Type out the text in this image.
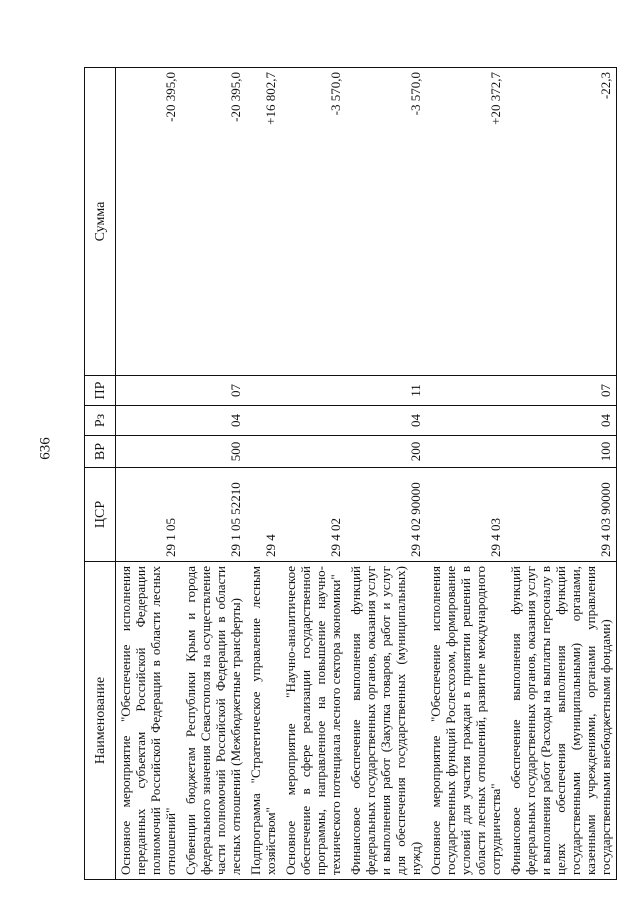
636
Наименование	ЦСР	ВР	Рз	ПР	Сумма
Основное мероприятие "Обеспечение исполнения переданных субъектам Российской Федерации полномочий Российской Федерации в области лесных отношений"	29 1 05				-20 395,0
Субвенции бюджетам Республики Крым и города федерального значения Севастополя на осуществление части полномочий Российской Федерации в области лесных отношений (Межбюджетные трансферты)	29 1 05 52210	500	04	07	-20 395,0
Подпрограмма "Стратегическое управление лесным хозяйством"	29 4				+16 802,7
Основное мероприятие "Научно-аналитическое обеспечение в сфере реализации государственной программы, направленное на повышение научно-технического потенциала лесного сектора экономики"	29 4 02				-3 570,0
Финансовое обеспечение выполнения функций федеральных государственных органов, оказания услуг и выполнения работ (Закупка товаров, работ и услуг для обеспечения государственных (муниципальных) нужд)	29 4 02 90000	200	04	11	-3 570,0
Основное мероприятие "Обеспечение исполнения государственных функций Рослесхозом, формирование условий для участия граждан в принятии решений в области лесных отношений, развитие международного сотрудничества"	29 4 03				+20 372,7
Финансовое обеспечение выполнения функций федеральных государственных органов, оказания услуг и выполнения работ (Расходы на выплаты персоналу в целях обеспечения выполнения функций государственными (муниципальными) органами, казенными учреждениями, органами управления государственными внебюджетными фондами)	29 4 03 90000	100	04	07	-22,3
